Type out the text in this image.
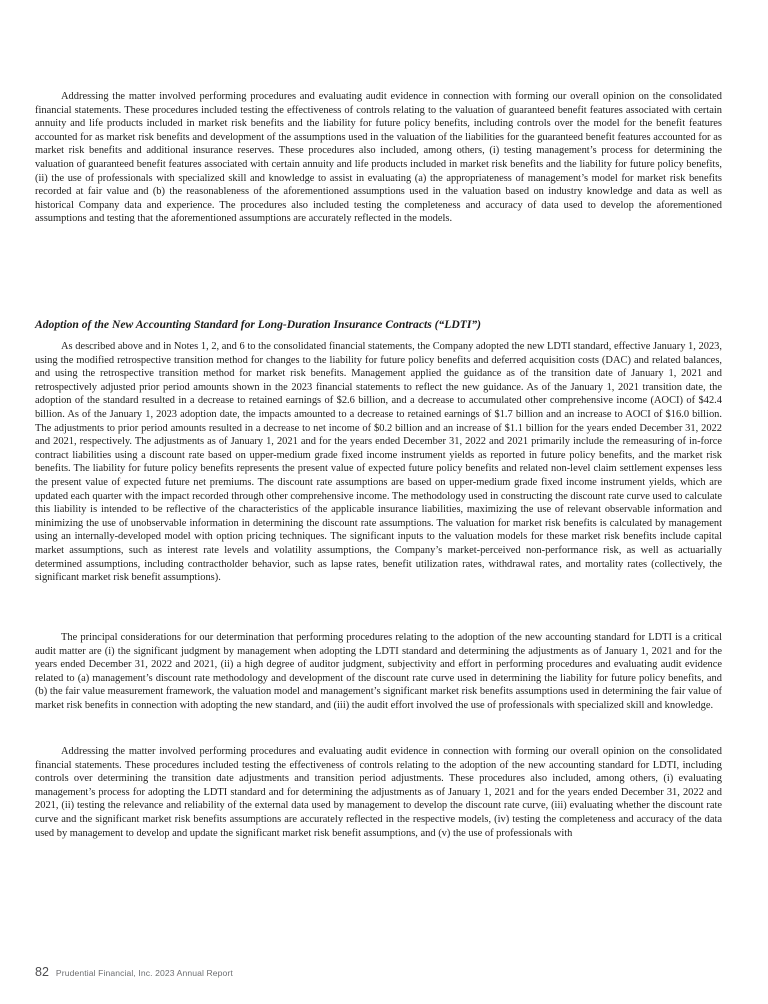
Addressing the matter involved performing procedures and evaluating audit evidence in connection with forming our overall opinion on the consolidated financial statements. These procedures included testing the effectiveness of controls relating to the valuation of guaranteed benefit features associated with certain annuity and life products included in market risk benefits and the liability for future policy benefits, including controls over the model for the benefit features accounted for as market risk benefits and development of the assumptions used in the valuation of the liabilities for the guaranteed benefit features accounted for as market risk benefits and additional insurance reserves. These procedures also included, among others, (i) testing management’s process for determining the valuation of guaranteed benefit features associated with certain annuity and life products included in market risk benefits and the liability for future policy benefits, (ii) the use of professionals with specialized skill and knowledge to assist in evaluating (a) the appropriateness of management’s model for market risk benefits recorded at fair value and (b) the reasonableness of the aforementioned assumptions used in the valuation based on industry knowledge and data as well as historical Company data and experience. The procedures also included testing the completeness and accuracy of data used to develop the aforementioned assumptions and testing that the aforementioned assumptions are accurately reflected in the models.

Adoption of the New Accounting Standard for Long-Duration Insurance Contracts (“LDTI”)

As described above and in Notes 1, 2, and 6 to the consolidated financial statements, the Company adopted the new LDTI standard, effective January 1, 2023, using the modified retrospective transition method for changes to the liability for future policy benefits and deferred acquisition costs (DAC) and related balances, and using the retrospective transition method for market risk benefits. Management applied the guidance as of the transition date of January 1, 2021 and retrospectively adjusted prior period amounts shown in the 2023 financial statements to reflect the new guidance. As of the January 1, 2021 transition date, the adoption of the standard resulted in a decrease to retained earnings of $2.6 billion, and a decrease to accumulated other comprehensive income (AOCI) of $42.4 billion. As of the January 1, 2023 adoption date, the impacts amounted to a decrease to retained earnings of $1.7 billion and an increase to AOCI of $16.0 billion. The adjustments to prior period amounts resulted in a decrease to net income of $0.2 billion and an increase of $1.1 billion for the years ended December 31, 2022 and 2021, respectively. The adjustments as of January 1, 2021 and for the years ended December 31, 2022 and 2021 primarily include the remeasuring of in-force contract liabilities using a discount rate based on upper-medium grade fixed income instrument yields as reported in future policy benefits, and the market risk benefits. The liability for future policy benefits represents the present value of expected future policy benefits and related non-level claim settlement expenses less the present value of expected future net premiums. The discount rate assumptions are based on upper-medium grade fixed income instrument yields, which are updated each quarter with the impact recorded through other comprehensive income. The methodology used in constructing the discount rate curve used to calculate this liability is intended to be reflective of the characteristics of the applicable insurance liabilities, maximizing the use of relevant observable information and minimizing the use of unobservable information in determining the discount rate assumptions. The valuation for market risk benefits is calculated by management using an internally-developed model with option pricing techniques. The significant inputs to the valuation models for these market risk benefits include capital market assumptions, such as interest rate levels and volatility assumptions, the Company’s market-perceived non-performance risk, as well as actuarially determined assumptions, including contractholder behavior, such as lapse rates, benefit utilization rates, withdrawal rates, and mortality rates (collectively, the significant market risk benefit assumptions).

The principal considerations for our determination that performing procedures relating to the adoption of the new accounting standard for LDTI is a critical audit matter are (i) the significant judgment by management when adopting the LDTI standard and determining the adjustments as of January 1, 2021 and for the years ended December 31, 2022 and 2021, (ii) a high degree of auditor judgment, subjectivity and effort in performing procedures and evaluating audit evidence related to (a) management’s discount rate methodology and development of the discount rate curve used in determining the liability for future policy benefits, and (b) the fair value measurement framework, the valuation model and management’s significant market risk benefits assumptions used in determining the fair value of market risk benefits in connection with adopting the new standard, and (iii) the audit effort involved the use of professionals with specialized skill and knowledge.

Addressing the matter involved performing procedures and evaluating audit evidence in connection with forming our overall opinion on the consolidated financial statements. These procedures included testing the effectiveness of controls relating to the adoption of the new accounting standard for LDTI, including controls over determining the transition date adjustments and transition period adjustments. These procedures also included, among others, (i) evaluating management’s process for adopting the LDTI standard and for determining the adjustments as of January 1, 2021 and for the years ended December 31, 2022 and 2021, (ii) testing the relevance and reliability of the external data used by management to develop the discount rate curve, (iii) evaluating whether the discount rate curve and the significant market risk benefits assumptions are accurately reflected in the respective models, (iv) testing the completeness and accuracy of the data used by management to develop and update the significant market risk benefit assumptions, and (v) the use of professionals with

82 Prudential Financial, Inc. 2023 Annual Report
